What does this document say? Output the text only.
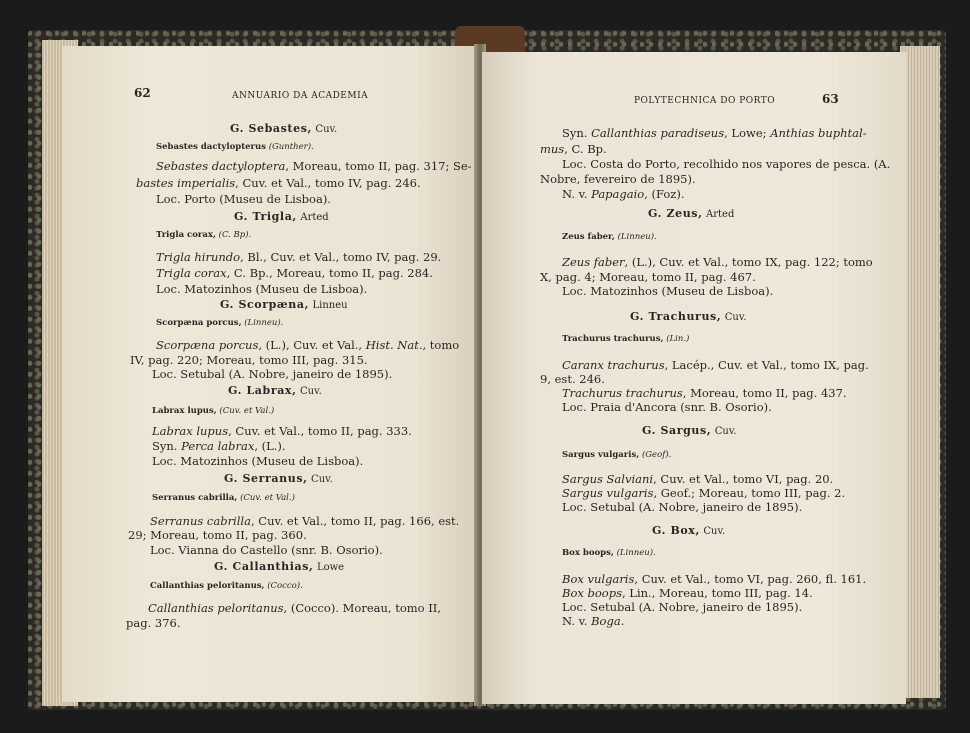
62	ANNUARIO DA ACADEMIA
G. Sebastes, Cuv.
Sebastes dactylopterus (Gunther).
Sebastes dactyloptera, Moreau, tomo II, pag. 317; Se-
bastes imperialis, Cuv. et Val., tomo IV, pag. 246.
Loc. Porto (Museu de Lisboa).
G. Trigla, Arted
Trigla corax, (C. Bp).
Trigla hirundo, Bl., Cuv. et Val., tomo IV, pag. 29.
Trigla corax, C. Bp., Moreau, tomo II, pag. 284.
Loc. Matozinhos (Museu de Lisboa).
G. Scorpæna, Linneu
Scorpæna porcus, (Linneu).
Scorpæna porcus, (L.), Cuv. et Val., Hist. Nat., tomo
IV, pag. 220; Moreau, tomo III, pag. 315.
Loc. Setubal (A. Nobre, janeiro de 1895).
G. Labrax, Cuv.
Labrax lupus, (Cuv. et Val.)
Labrax lupus, Cuv. et Val., tomo II, pag. 333.
Syn. Perca labrax, (L.).
Loc. Matozinhos (Museu de Lisboa).
G. Serranus, Cuv.
Serranus cabrilla, (Cuv. et Val.)
Serranus cabrilla, Cuv. et Val., tomo II, pag. 166, est.
29; Moreau, tomo II, pag. 360.
Loc. Vianna do Castello (snr. B. Osorio).
G. Callanthias, Lowe
Callanthias peloritanus, (Cocco).
Callanthias peloritanus, (Cocco). Moreau, tomo II,
pag. 376.
POLYTECHNICA DO PORTO	63
Syn. Callanthias paradiseus, Lowe; Anthias buphtal-
mus, C. Bp.
Loc. Costa do Porto, recolhido nos vapores de pesca. (A.
Nobre, fevereiro de 1895).
N. v. Papagaio, (Foz).
G. Zeus, Arted
Zeus faber, (Linneu).
Zeus faber, (L.), Cuv. et Val., tomo IX, pag. 122; tomo
X, pag. 4; Moreau, tomo II, pag. 467.
Loc. Matozinhos (Museu de Lisboa).
G. Trachurus, Cuv.
Trachurus trachurus, (Lin.)
Caranx trachurus, Lacép., Cuv. et Val., tomo IX, pag.
9, est. 246.
Trachurus trachurus, Moreau, tomo II, pag. 437.
Loc. Praia d'Ancora (snr. B. Osorio).
G. Sargus, Cuv.
Sargus vulgaris, (Geof).
Sargus Salviani, Cuv. et Val., tomo VI, pag. 20.
Sargus vulgaris, Geof.; Moreau, tomo III, pag. 2.
Loc. Setubal (A. Nobre, janeiro de 1895).
G. Box, Cuv.
Box boops, (Linneu).
Box vulgaris, Cuv. et Val., tomo VI, pag. 260, fl. 161.
Box boops, Lin., Moreau, tomo III, pag. 14.
Loc. Setubal (A. Nobre, janeiro de 1895).
N. v. Boga.
